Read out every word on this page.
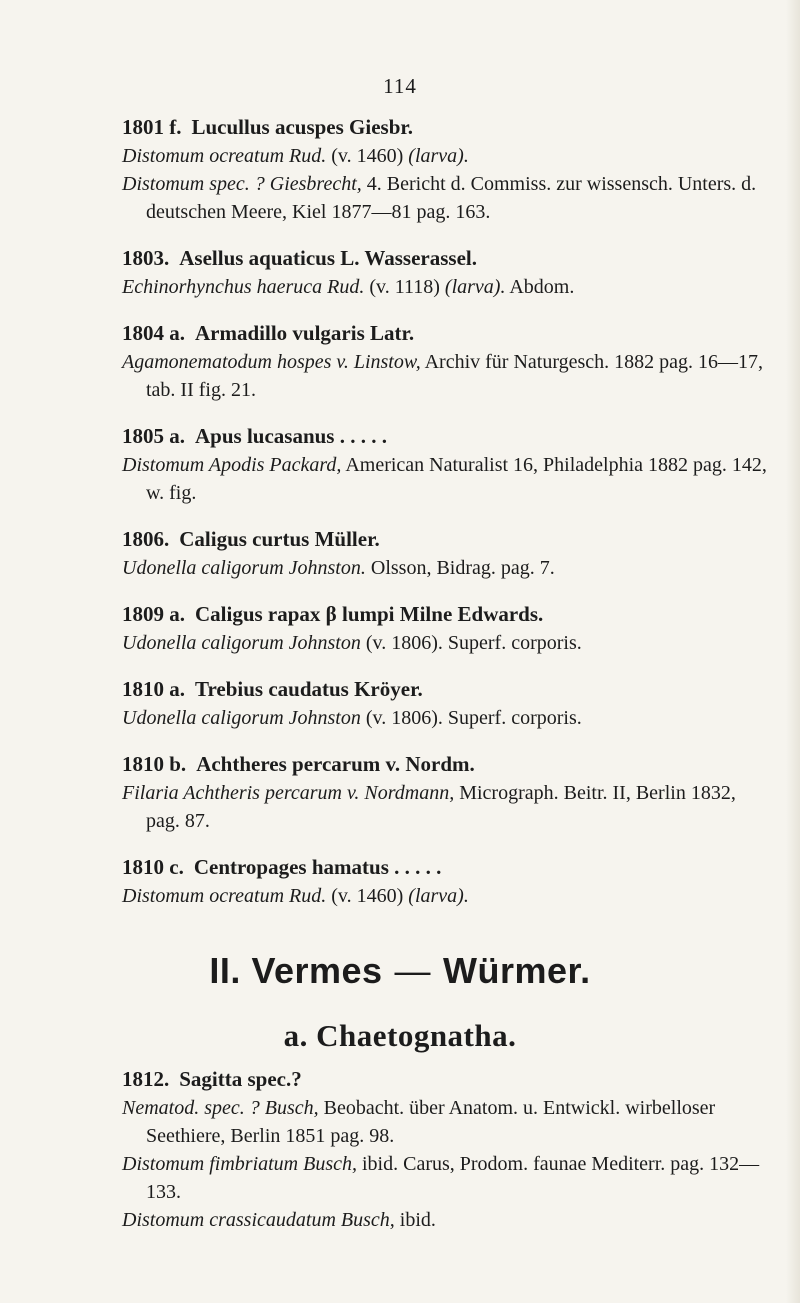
114
1801 f. Lucullus acuspes Giesbr.
Distomum ocreatum Rud. (v. 1460) (larva).
Distomum spec. ? Giesbrecht, 4. Bericht d. Commiss. zur wissensch. Unters. d. deutschen Meere, Kiel 1877—81 pag. 163.
1803. Asellus aquaticus L. Wasserassel.
Echinorhynchus haeruca Rud. (v. 1118) (larva). Abdom.
1804 a. Armadillo vulgaris Latr.
Agamonematodum hospes v. Linstow, Archiv für Naturgesch. 1882 pag. 16—17, tab. II fig. 21.
1805 a. Apus lucasanus . . . . .
Distomum Apodis Packard, American Naturalist 16, Philadelphia 1882 pag. 142, w. fig.
1806. Caligus curtus Müller.
Udonella caligorum Johnston. Olsson, Bidrag. pag. 7.
1809 a. Caligus rapax β lumpi Milne Edwards.
Udonella caligorum Johnston (v. 1806). Superf. corporis.
1810 a. Trebius caudatus Kröyer.
Udonella caligorum Johnston (v. 1806). Superf. corporis.
1810 b. Achtheres percarum v. Nordm.
Filaria Achtheris percarum v. Nordmann, Micrograph. Beitr. II, Berlin 1832, pag. 87.
1810 c. Centropages hamatus . . . . .
Distomum ocreatum Rud. (v. 1460) (larva).
II. Vermes — Würmer.
a. Chaetognatha.
1812. Sagitta spec.?
Nematod. spec. ? Busch, Beobacht. über Anatom. u. Entwickl. wirbelloser Seethiere, Berlin 1851 pag. 98.
Distomum fimbriatum Busch, ibid. Carus, Prodom. faunae Mediterr. pag. 132—133.
Distomum crassicaudatum Busch, ibid.
